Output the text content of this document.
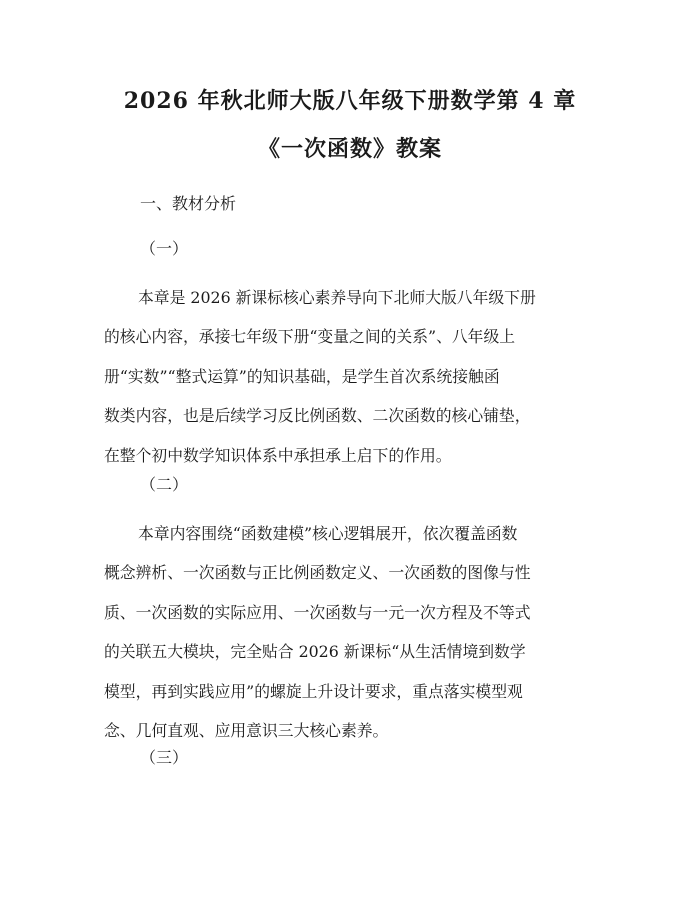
2026 年秋北师大版八年级下册数学第 4 章
《一次函数》教案
一、教材分析
（一）
本章是 2026 新课标核心素养导向下北师大版八年级下册
的核心内容，承接七年级下册“变量之间的关系”、八年级上
册“实数”“整式运算”的知识基础，是学生首次系统接触函
数类内容，也是后续学习反比例函数、二次函数的核心铺垫，
在整个初中数学知识体系中承担承上启下的作用。
（二）
本章内容围绕“函数建模”核心逻辑展开，依次覆盖函数
概念辨析、一次函数与正比例函数定义、一次函数的图像与性
质、一次函数的实际应用、一次函数与一元一次方程及不等式
的关联五大模块，完全贴合 2026 新课标“从生活情境到数学
模型，再到实践应用”的螺旋上升设计要求，重点落实模型观
念、几何直观、应用意识三大核心素养。
（三）
